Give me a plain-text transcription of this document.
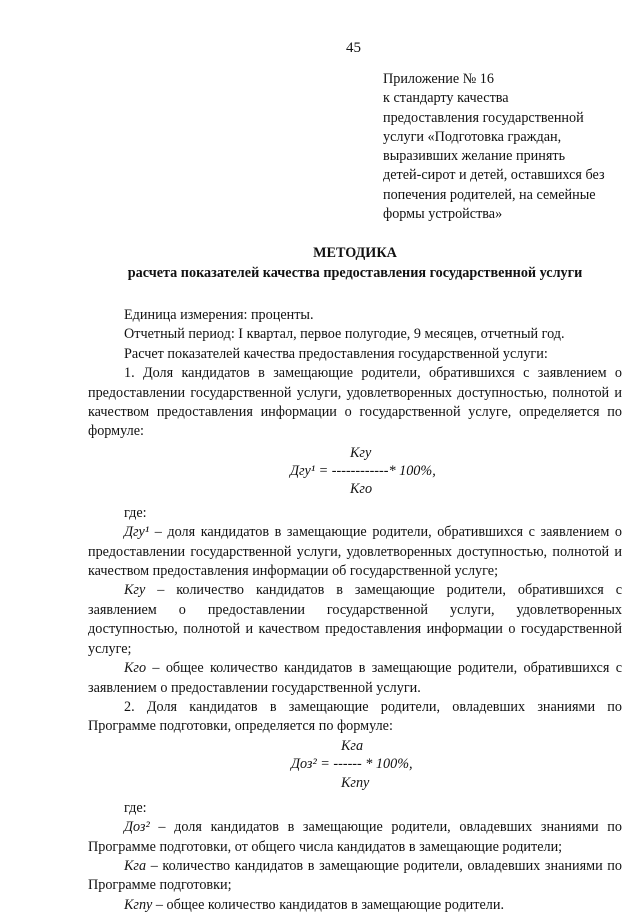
45
Приложение № 16
к стандарту качества
предоставления государственной
услуги «Подготовка граждан,
выразивших желание принять
детей-сирот и детей, оставшихся без
попечения родителей, на семейные
формы устройства»
МЕТОДИКА
расчета показателей качества предоставления государственной услуги

Единица измерения: проценты.

Отчетный период: I квартал, первое полугодие, 9 месяцев, отчетный год.

Расчет показателей качества предоставления государственной услуги:

1. Доля кандидатов в замещающие родители, обратившихся с заявлением о предоставлении государственной услуги, удовлетворенных доступностью, полнотой и качеством предоставления информации о государственной услуге, определяется по формуле:

Кгу
Дгу¹ = ------------* 100%,
Кго

где:

Дгу¹ – доля кандидатов в замещающие родители, обратившихся с заявлением о предоставлении государственной услуги, удовлетворенных доступностью, полнотой и качеством предоставления информации об государственной услуге;

Кгу – количество кандидатов в замещающие родители, обратившихся с заявлением о предоставлении государственной услуги, удовлетворенных доступностью, полнотой и качеством предоставления информации о государственной услуге;

Кго – общее количество кандидатов в замещающие родители, обратившихся с заявлением о предоставлении государственной услуги.

2. Доля кандидатов в замещающие родители, овладевших знаниями по Программе подготовки, определяется по формуле:

Кга
Доз² = ------ * 100%,
Кгпу

где:

Доз² – доля кандидатов в замещающие родители, овладевших знаниями по Программе подготовки, от общего числа кандидатов в замещающие родители;

Кга – количество кандидатов в замещающие родители, овладевших знаниями по Программе подготовки;

Кгпу – общее количество кандидатов в замещающие родители.
